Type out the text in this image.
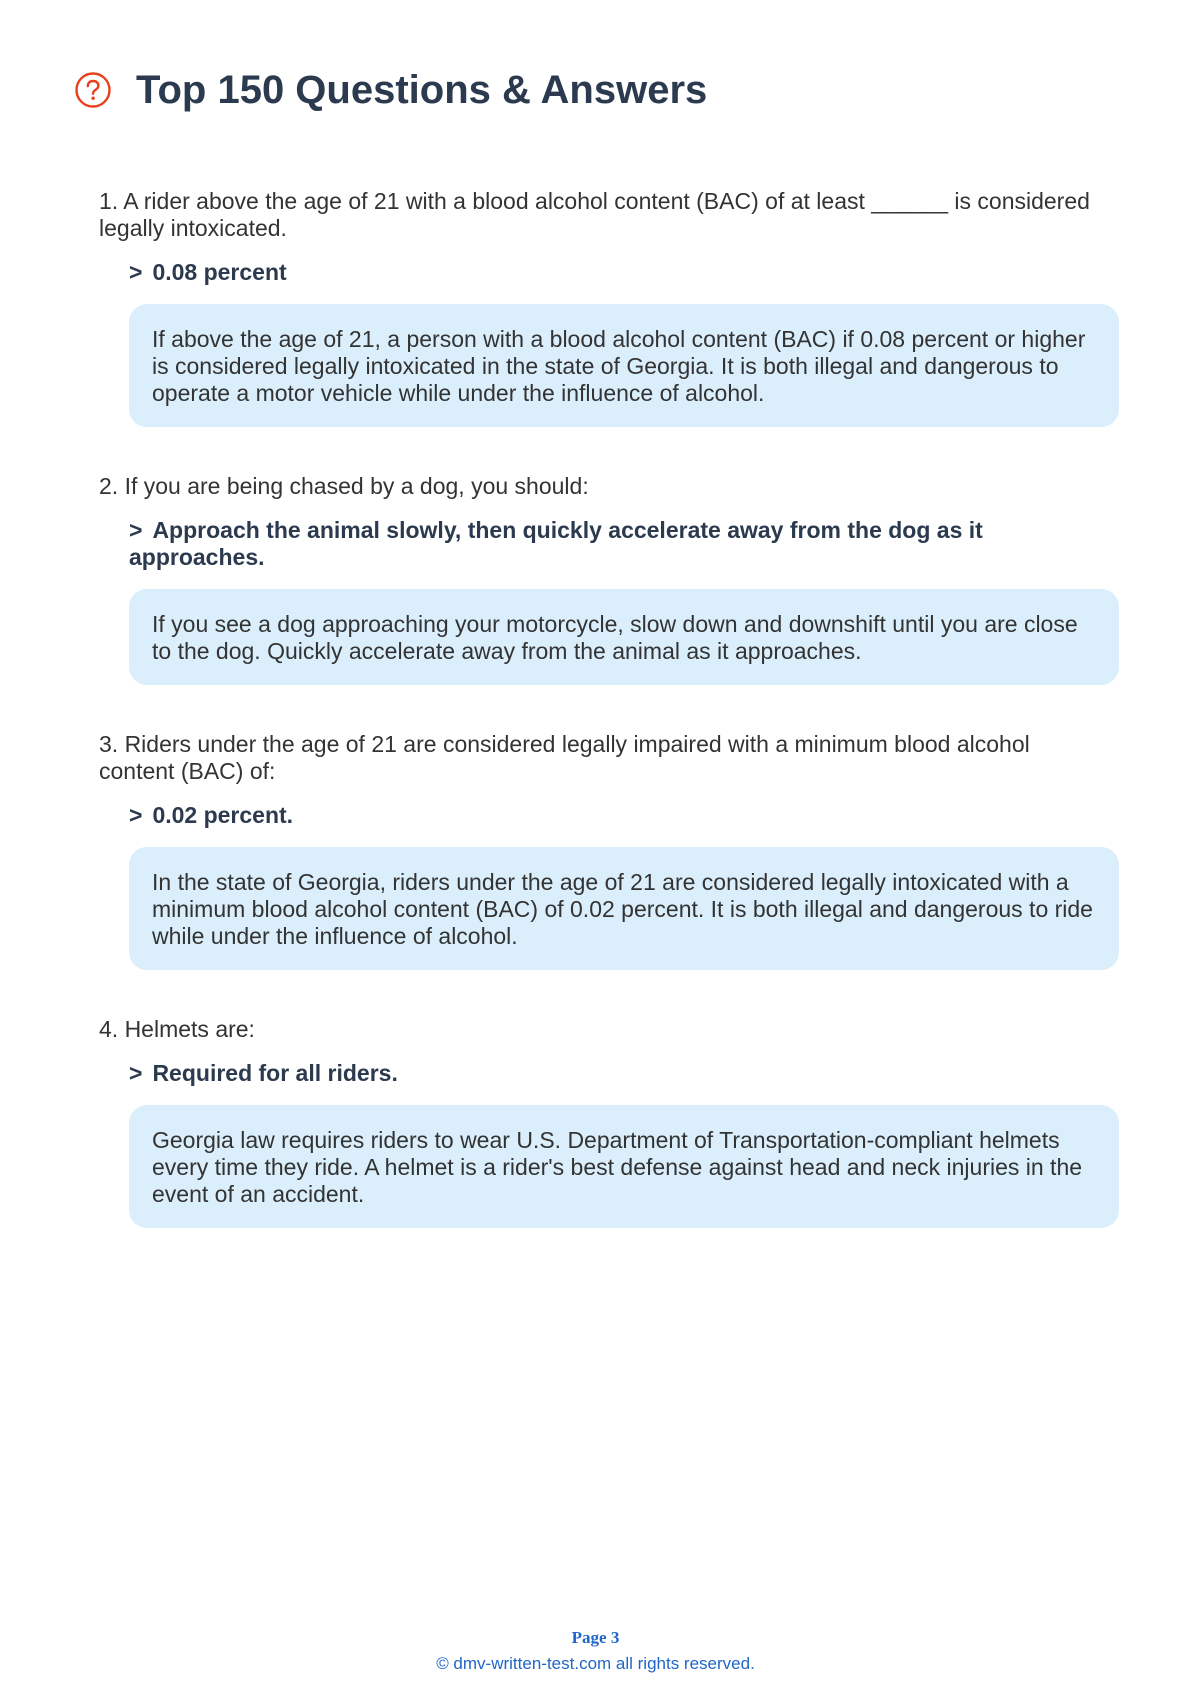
Top 150 Questions & Answers

1. A rider above the age of 21 with a blood alcohol content (BAC) of at least ______ is considered legally intoxicated.

> 0.08 percent
If above the age of 21, a person with a blood alcohol content (BAC) if 0.08 percent or higher is considered legally intoxicated in the state of Georgia. It is both illegal and dangerous to operate a motor vehicle while under the influence of alcohol.

2. If you are being chased by a dog, you should:

> Approach the animal slowly, then quickly accelerate away from the dog as it approaches.
If you see a dog approaching your motorcycle, slow down and downshift until you are close to the dog. Quickly accelerate away from the animal as it approaches.

3. Riders under the age of 21 are considered legally impaired with a minimum blood alcohol content (BAC) of:

> 0.02 percent.
In the state of Georgia, riders under the age of 21 are considered legally intoxicated with a minimum blood alcohol content (BAC) of 0.02 percent. It is both illegal and dangerous to ride while under the influence of alcohol.

4. Helmets are:

> Required for all riders.
Georgia law requires riders to wear U.S. Department of Transportation-compliant helmets every time they ride. A helmet is a rider's best defense against head and neck injuries in the event of an accident.
Page 3
© dmv-written-test.com all rights reserved.
